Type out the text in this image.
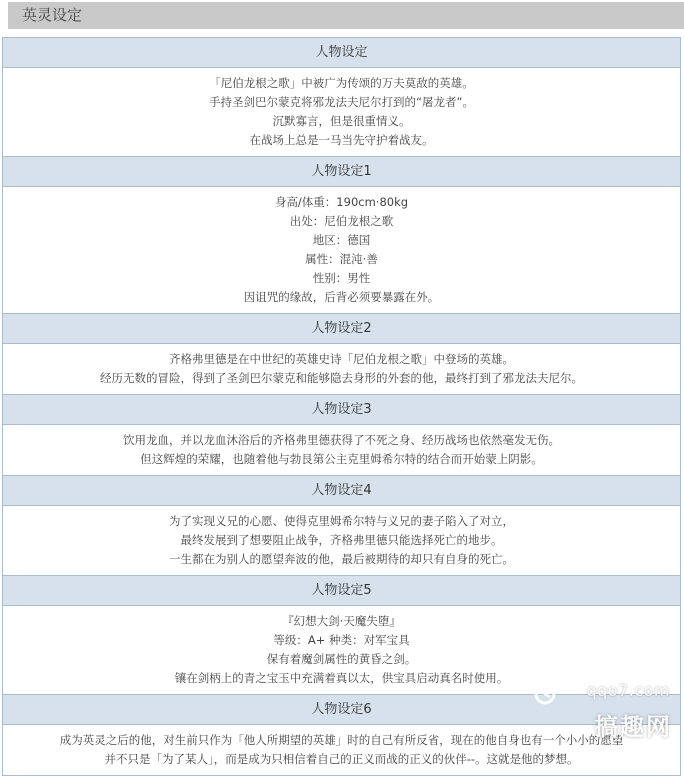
英灵设定
人物设定

「尼伯龙根之歌」中被广为传颂的万夫莫敌的英雄。

手持圣剑巴尔蒙克将邪龙法夫尼尔打到的“屠龙者”。

沉默寡言，但是很重情义。

在战场上总是一马当先守护着战友。

人物设定1

身高/体重：190cm·80kg

出处：尼伯龙根之歌

地区：德国

属性：混沌·善

性别：男性

因诅咒的缘故，后背必须要暴露在外。

人物设定2

齐格弗里德是在中世纪的英雄史诗「尼伯龙根之歌」中登场的英雄。

经历无数的冒险，得到了圣剑巴尔蒙克和能够隐去身形的外套的他，最终打到了邪龙法夫尼尔。

人物设定3

饮用龙血，并以龙血沐浴后的齐格弗里德获得了不死之身、经历战场也依然毫发无伤。

但这辉煌的荣耀，也随着他与勃艮第公主克里姆希尔特的结合而开始蒙上阴影。

人物设定4

为了实现义兄的心愿、使得克里姆希尔特与义兄的妻子陷入了对立，

最终发展到了想要阻止战争，齐格弗里德只能选择死亡的地步。

一生都在为别人的愿望奔波的他，最后被期待的却只有自身的死亡。

人物设定5

『幻想大剑·天魔失堕』

等级：A+ 种类：对军宝具

保有着魔剑属性的黄昏之剑。

镶在剑柄上的青之宝玉中充满着真以太，供宝具启动真名时使用。

人物设定6

成为英灵之后的他，对生前只作为「他人所期望的英雄」时的自己有所反省，现在的他自身也有一个小小的愿望

并不只是「为了某人」，而是成为只相信着自己的正义而战的正义的伙伴--。这就是他的梦想。

qqo7.com
搞趣网
